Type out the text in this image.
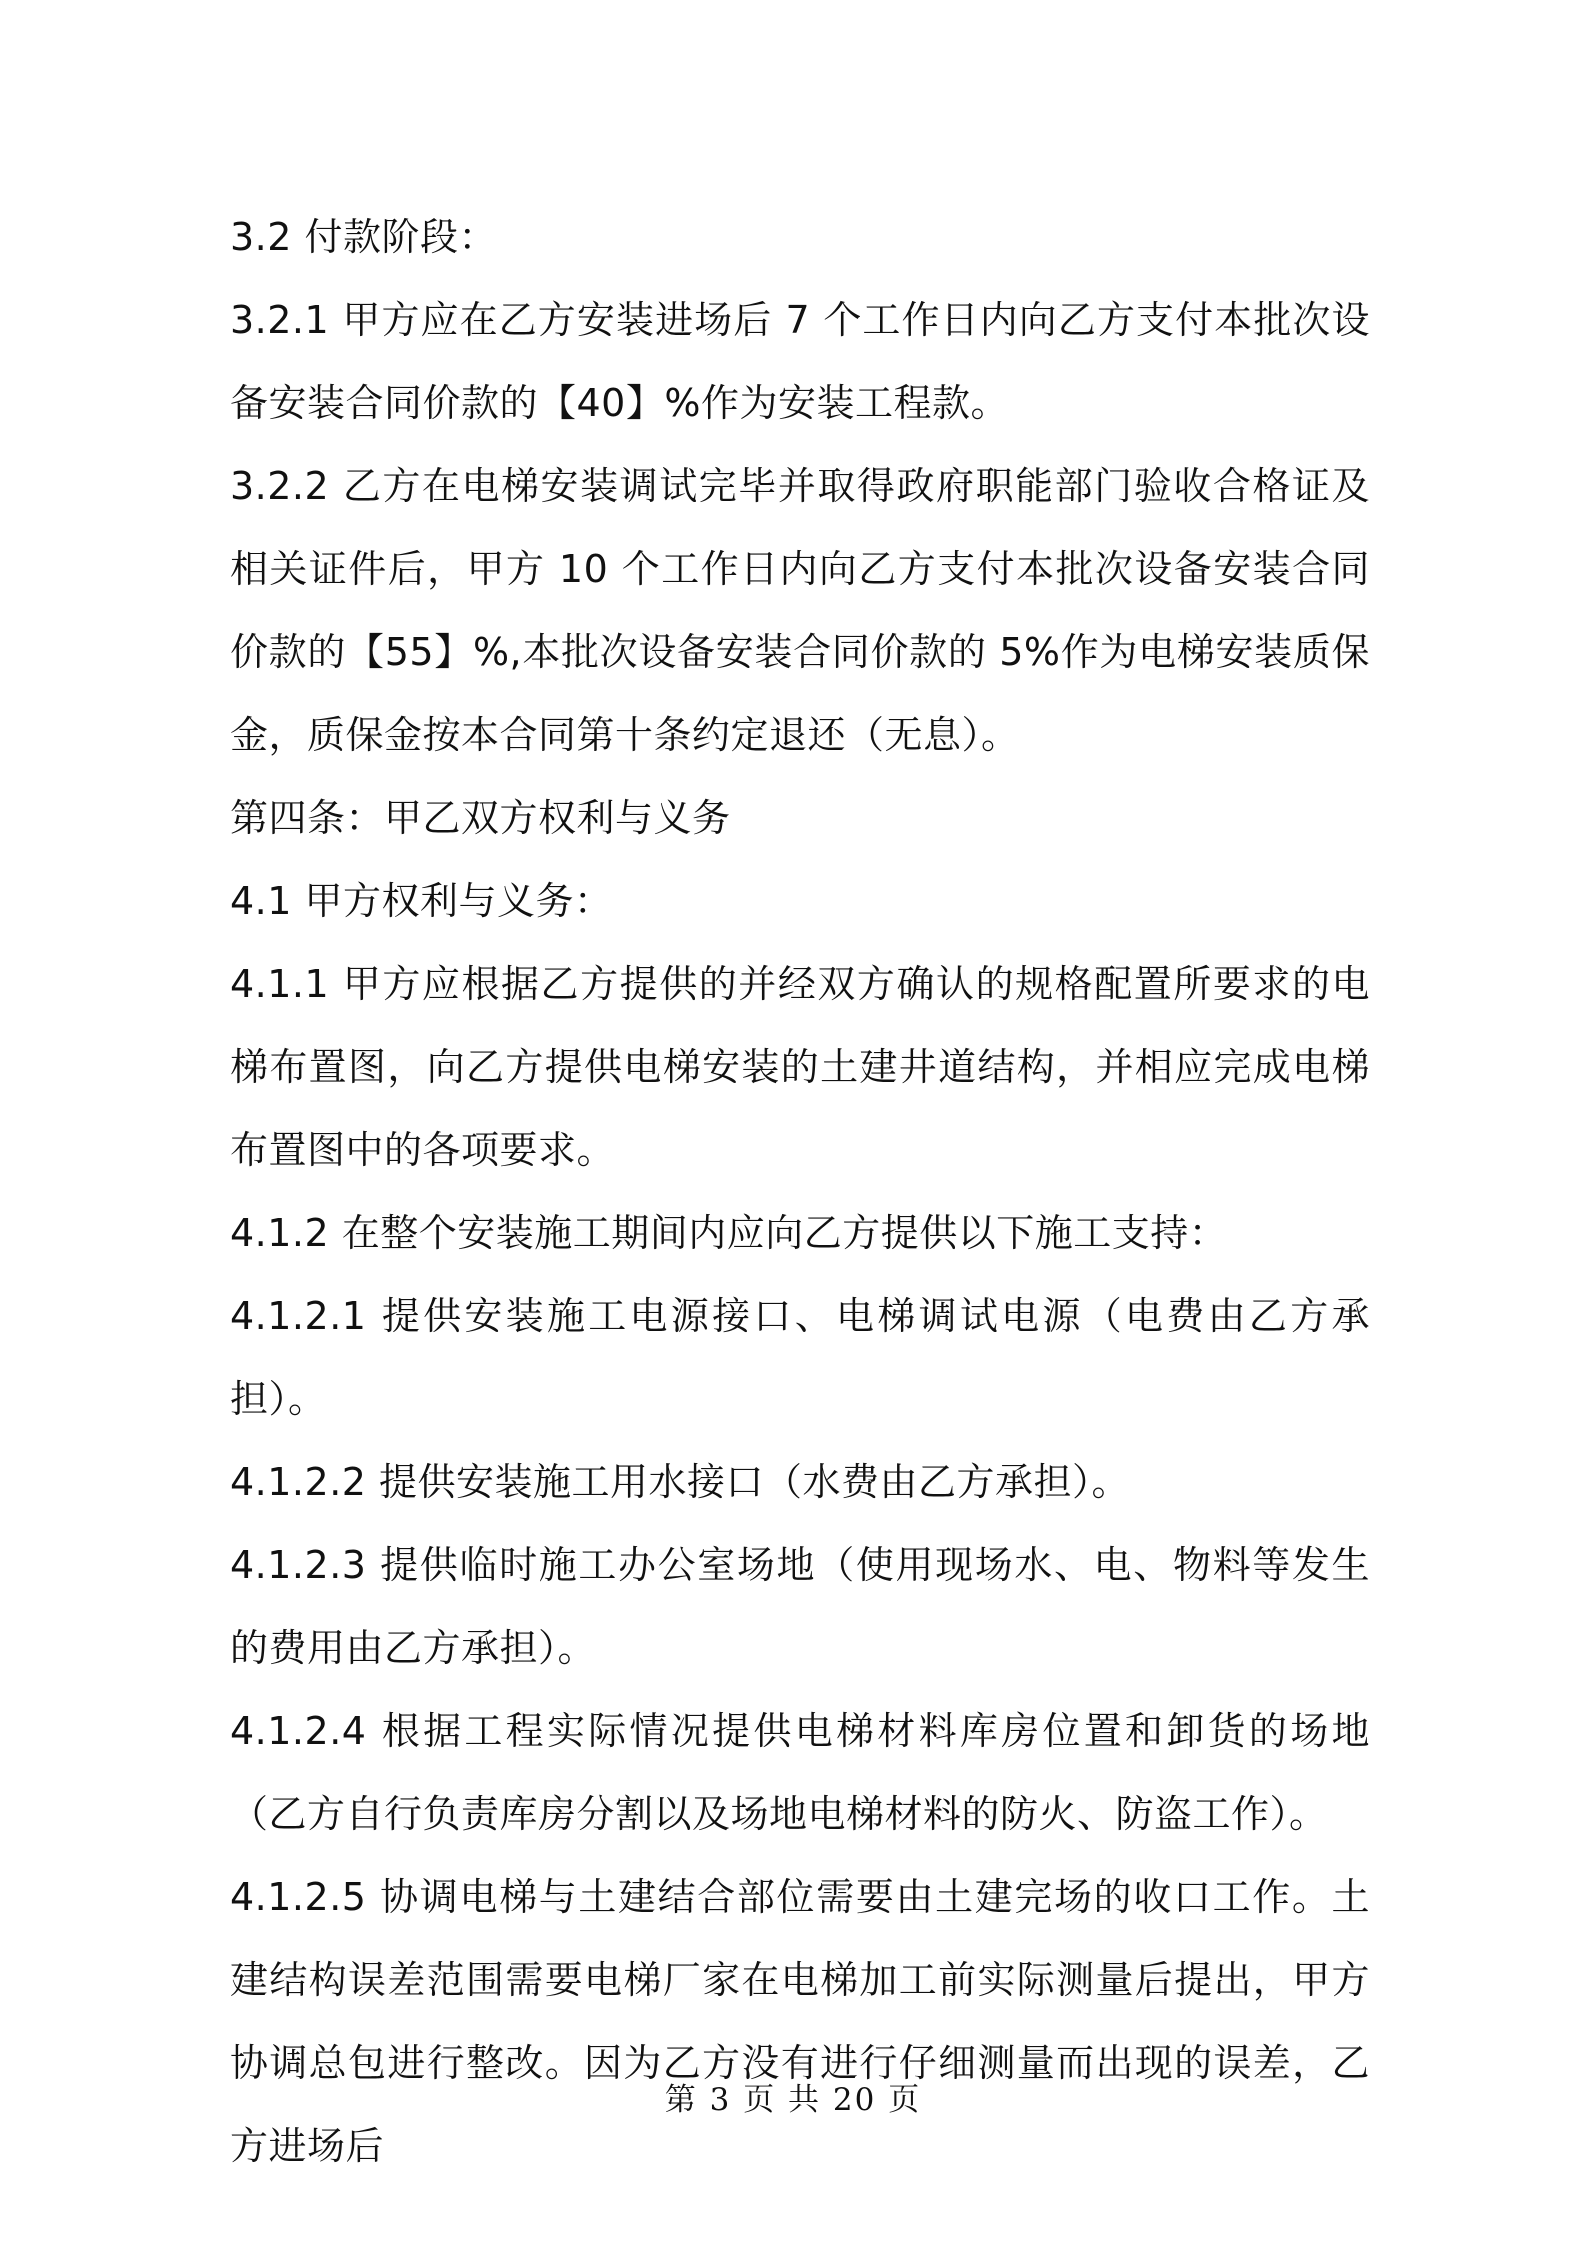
3.2 付款阶段：

3.2.1 甲方应在乙方安装进场后 7 个工作日内向乙方支付本批次设备安装合同价款的【40】%作为安装工程款。

3.2.2 乙方在电梯安装调试完毕并取得政府职能部门验收合格证及相关证件后，甲方 10 个工作日内向乙方支付本批次设备安装合同价款的【55】%,本批次设备安装合同价款的 5%作为电梯安装质保金，质保金按本合同第十条约定退还（无息）。

第四条：甲乙双方权利与义务

4.1 甲方权利与义务：

4.1.1 甲方应根据乙方提供的并经双方确认的规格配置所要求的电梯布置图，向乙方提供电梯安装的土建井道结构，并相应完成电梯布置图中的各项要求。

4.1.2 在整个安装施工期间内应向乙方提供以下施工支持：

4.1.2.1 提供安装施工电源接口、电梯调试电源（电费由乙方承担）。

4.1.2.2 提供安装施工用水接口（水费由乙方承担）。

4.1.2.3 提供临时施工办公室场地（使用现场水、电、物料等发生的费用由乙方承担）。

4.1.2.4 根据工程实际情况提供电梯材料库房位置和卸货的场地（乙方自行负责库房分割以及场地电梯材料的防火、防盗工作）。

4.1.2.5 协调电梯与土建结合部位需要由土建完场的收口工作。土建结构误差范围需要电梯厂家在电梯加工前实际测量后提出，甲方协调总包进行整改。因为乙方没有进行仔细测量而出现的误差，乙方进场后

第 3 页 共 20 页
